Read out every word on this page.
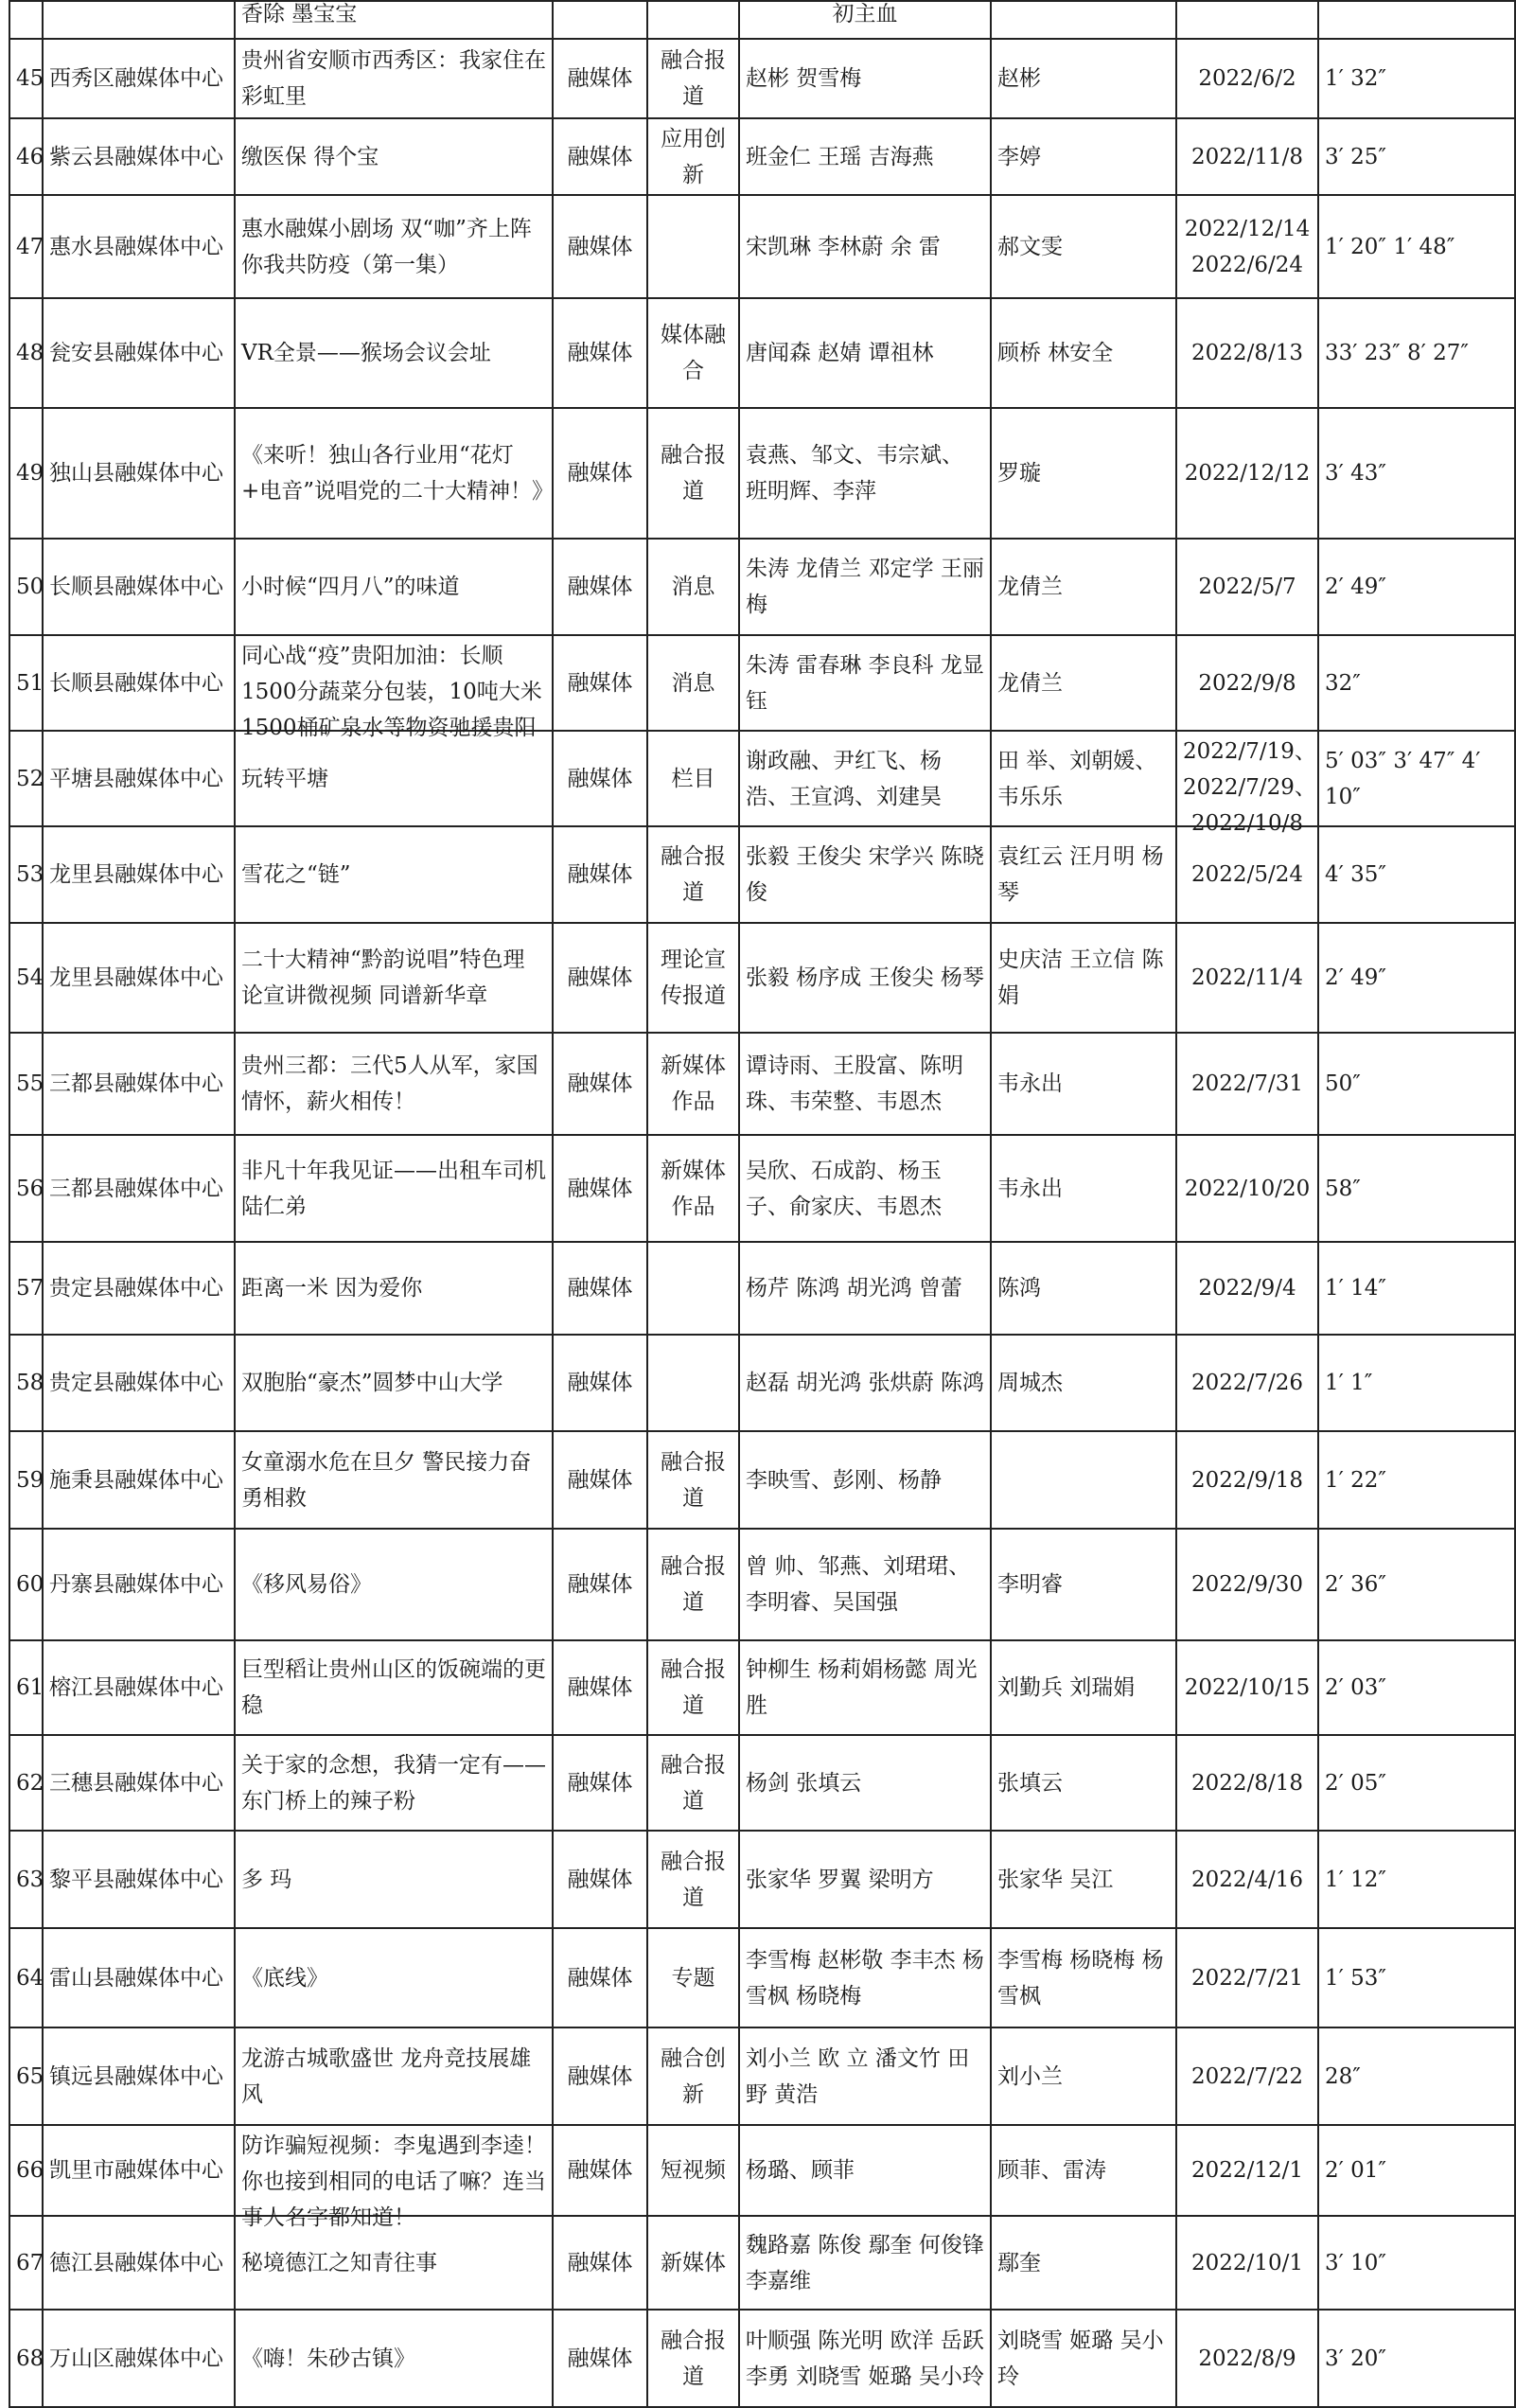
		香除 墨宝宝			初主血			

45	西秀区融媒体中心	贵州省安顺市西秀区：我家住在彩虹里	融媒体	融合报道	赵彬 贺雪梅	赵彬	2022/6/2	1′ 32″

46	紫云县融媒体中心	缴医保 得个宝	融媒体	应用创新	班金仁 王瑶 吉海燕	李婷	2022/11/8	3′ 25″

47	惠水县融媒体中心	惠水融媒小剧场 双“咖”齐上阵 你我共防疫（第一集）	融媒体		宋凯琳 李林蔚 余 雷	郝文雯	2022/12/14 2022/6/24	1′ 20″ 1′ 48″

48	瓮安县融媒体中心	VR全景——猴场会议会址	融媒体	媒体融合	唐闻森 赵婧 谭祖林	顾桥 林安全	2022/8/13	33′ 23″ 8′ 27″

49	独山县融媒体中心	《来听！独山各行业用“花灯+电音”说唱党的二十大精神！》	融媒体	融合报道	袁燕、邹文、韦宗斌、班明辉、李萍	罗璇	2022/12/12	3′ 43″

50	长顺县融媒体中心	小时候“四月八”的味道	融媒体	消息	朱涛 龙倩兰 邓定学 王丽梅	龙倩兰	2022/5/7	2′ 49″

51	长顺县融媒体中心	同心战“疫”贵阳加油：长顺1500分蔬菜分包装，10吨大米1500桶矿泉水等物资驰援贵阳	融媒体	消息	朱涛 雷春琳 李良科 龙显钰	龙倩兰	2022/9/8	32″

52	平塘县融媒体中心	玩转平塘	融媒体	栏目	谢政融、尹红飞、杨浩、王宣鸿、刘建昊	田 举、刘朝媛、韦乐乐	2022/7/19、2022/7/29、2022/10/8	5′ 03″ 3′ 47″ 4′ 10″

53	龙里县融媒体中心	雪花之“链”	融媒体	融合报道	张毅 王俊尖 宋学兴 陈晓俊	袁红云 汪月明 杨琴	2022/5/24	4′ 35″

54	龙里县融媒体中心	二十大精神“黔韵说唱”特色理论宣讲微视频 同谱新华章	融媒体	理论宣传报道	张毅 杨序成 王俊尖 杨琴	史庆洁 王立信 陈娟	2022/11/4	2′ 49″

55	三都县融媒体中心	贵州三都：三代5人从军，家国情怀，薪火相传！	融媒体	新媒体作品	谭诗雨、王股富、陈明珠、韦荣整、韦恩杰	韦永出	2022/7/31	50″

56	三都县融媒体中心	非凡十年我见证——出租车司机 陆仁弟	融媒体	新媒体作品	吴欣、石成韵、杨玉子、俞家庆、韦恩杰	韦永出	2022/10/20	58″

57	贵定县融媒体中心	距离一米 因为爱你	融媒体		杨芹 陈鸿 胡光鸿 曾蕾	陈鸿	2022/9/4	1′ 14″

58	贵定县融媒体中心	双胞胎“豪杰”圆梦中山大学	融媒体		赵磊 胡光鸿 张烘蔚 陈鸿	周城杰	2022/7/26	1′ 1″

59	施秉县融媒体中心	女童溺水危在旦夕 警民接力奋勇相救	融媒体	融合报道	李映雪、彭刚、杨静		2022/9/18	1′ 22″

60	丹寨县融媒体中心	《移风易俗》	融媒体	融合报道	曾 帅、邹燕、刘珺珺、李明睿、吴国强	李明睿	2022/9/30	2′ 36″

61	榕江县融媒体中心	巨型稻让贵州山区的饭碗端的更稳	融媒体	融合报道	钟柳生 杨莉娟杨懿 周光胜	刘勤兵 刘瑞娟	2022/10/15	2′ 03″

62	三穗县融媒体中心	关于家的念想，我猜一定有——东门桥上的辣子粉	融媒体	融合报道	杨剑 张填云	张填云	2022/8/18	2′ 05″

63	黎平县融媒体中心	多 玛	融媒体	融合报道	张家华 罗翼 梁明方	张家华 吴江	2022/4/16	1′ 12″

64	雷山县融媒体中心	《底线》	融媒体	专题	李雪梅 赵彬敬 李丰杰 杨雪枫 杨晓梅	李雪梅 杨晓梅 杨雪枫	2022/7/21	1′ 53″

65	镇远县融媒体中心	龙游古城歌盛世 龙舟竞技展雄风	融媒体	融合创新	刘小兰 欧 立 潘文竹 田 野 黄浩	刘小兰	2022/7/22	28″

66	凯里市融媒体中心	防诈骗短视频：李鬼遇到李逵！你也接到相同的电话了嘛？连当事人名字都知道！	融媒体	短视频	杨璐、顾菲	顾菲、雷涛	2022/12/1	2′ 01″

67	德江县融媒体中心	秘境德江之知青往事	融媒体	新媒体	魏路嘉 陈俊 鄢奎 何俊锋 李嘉维	鄢奎	2022/10/1	3′ 10″

68	万山区融媒体中心	《嗨！朱砂古镇》	融媒体	融合报道	叶顺强 陈光明 欧洋 岳跃 李勇 刘晓雪 姬璐 吴小玲	刘晓雪 姬璐 吴小玲	2022/8/9	3′ 20″
